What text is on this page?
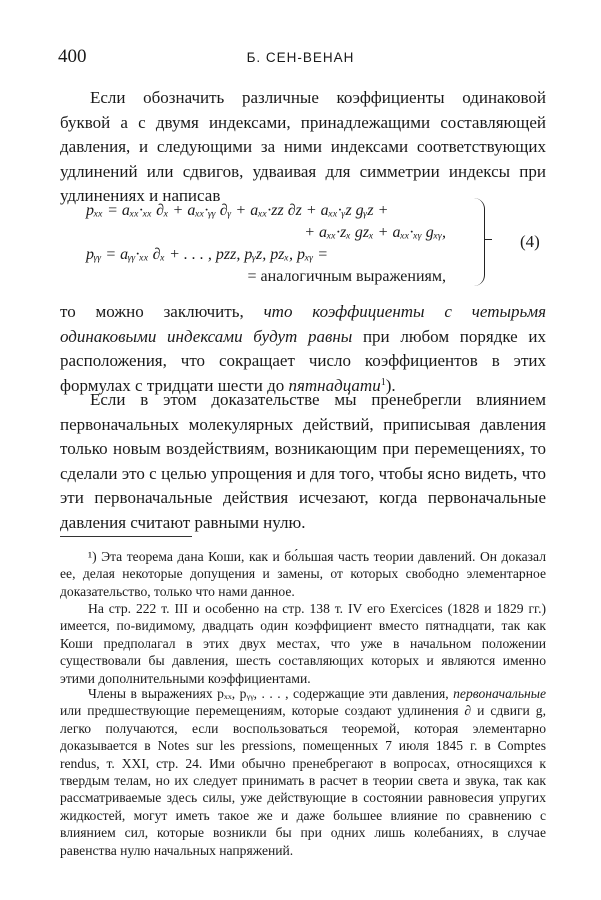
400	Б. СЕН-ВЕНАН

Если обозначить различные коэффициенты одинаковой буквой a с двумя индексами, принадлежащими составляющей давления, и следующими за ними индексами соответствующих удлинений или сдвигов, удваивая для симметрии индексы при удлинениях и написав

pₓₓ = aₓₓ·ₓₓ ∂ₓ + aₓₓ·ᵧᵧ ∂ᵧ + aₓₓ·zz ∂z + aₓₓ·ᵧz gᵧz +
+ aₓₓ·zₓ gzₓ + aₓₓ·ₓᵧ gₓᵧ,
pᵧᵧ = aᵧᵧ·ₓₓ ∂ₓ + . . . , pzz, pᵧz, pzₓ, pₓᵧ =
= аналогичным выражениям,
(4)

то можно заключить, что коэффициенты с четырьмя одинаковыми индексами будут равны при любом порядке их расположения, что сокращает число коэффициентов в этих формулах с тридцати шести до пятнадцати$^1$).

Если в этом доказательстве мы пренебрегли влиянием первоначальных молекулярных действий, приписывая давления только новым воздействиям, возникающим при перемещениях, то сделали это с целью упрощения и для того, чтобы ясно видеть, что эти первоначальные действия исчезают, когда первоначальные давления считают равными нулю.

¹) Эта теорема дана Коши, как и бо́льшая часть теории давлений. Он доказал ее, делая некоторые допущения и замены, от которых свободно элементарное доказательство, только что нами данное.

На стр. 222 т. III и особенно на стр. 138 т. IV его Exercices (1828 и 1829 гг.) имеется, по-видимому, двадцать один коэффициент вместо пятнадцати, так как Коши предполагал в этих двух местах, что уже в начальном положении существовали бы давления, шесть составляющих которых и являются именно этими дополнительными коэффициентами.

Члены в выражениях pₓₓ, pᵧᵧ, . . . , содержащие эти давления, первоначальные или предшествующие перемещениям, которые создают удлинения ∂ и сдвиги g, легко получаются, если воспользоваться теоремой, которая элементарно доказывается в Notes sur les pressions, помещенных 7 июля 1845 г. в Comptes rendus, т. XXI, стр. 24. Ими обычно пренебрегают в вопросах, относящихся к твердым телам, но их следует принимать в расчет в теории света и звука, так как рассматриваемые здесь силы, уже действующие в состоянии равновесия упругих жидкостей, могут иметь такое же и даже большее влияние по сравнению с влиянием сил, которые возникли бы при одних лишь колебаниях, в случае равенства нулю начальных напряжений.
